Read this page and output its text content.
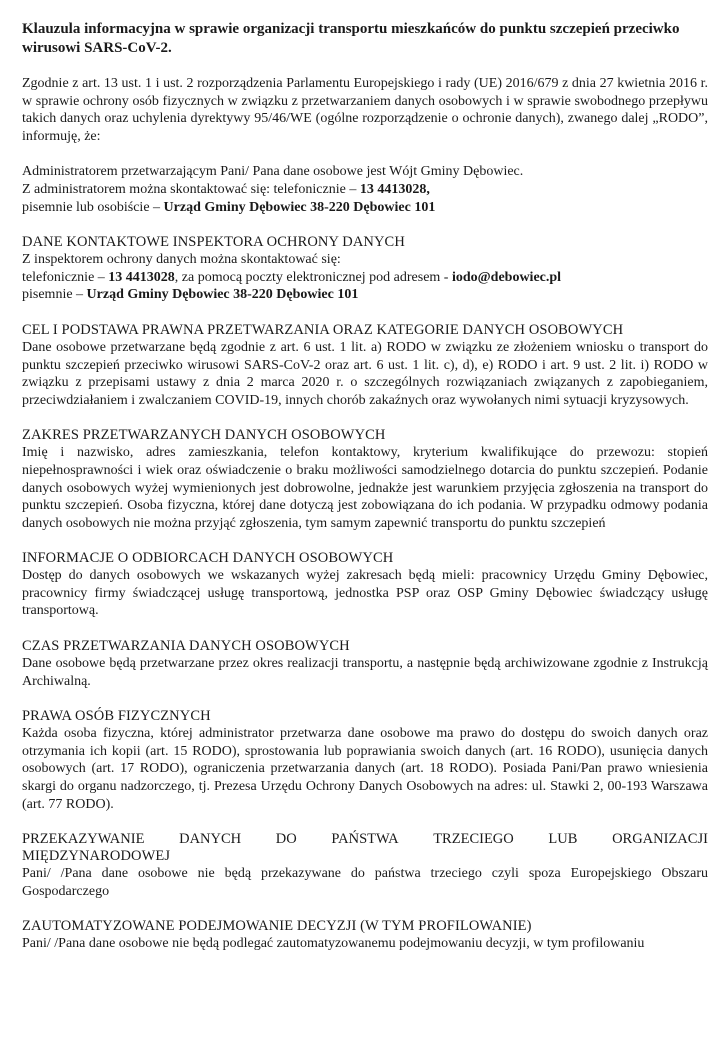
Klauzula informacyjna w sprawie organizacji transportu mieszkańców do punktu szczepień przeciwko wirusowi SARS-CoV-2.
Zgodnie z art. 13 ust. 1 i ust. 2 rozporządzenia Parlamentu Europejskiego i rady (UE) 2016/679 z dnia 27 kwietnia 2016 r. w sprawie ochrony osób fizycznych w związku z przetwarzaniem danych osobowych i w sprawie swobodnego przepływu takich danych oraz uchylenia dyrektywy 95/46/WE (ogólne rozporządzenie o ochronie danych), zwanego dalej „RODO”, informuję, że:
Administratorem przetwarzającym Pani/ Pana dane osobowe jest Wójt Gminy Dębowiec.
Z administratorem można skontaktować się: telefonicznie – 13 4413028,
pisemnie lub osobiście – Urząd Gminy Dębowiec 38-220 Dębowiec 101
DANE KONTAKTOWE INSPEKTORA OCHRONY DANYCH
Z inspektorem ochrony danych można skontaktować się:
telefonicznie – 13 4413028, za pomocą poczty elektronicznej pod adresem - iodo@debowiec.pl
pisemnie – Urząd Gminy Dębowiec 38-220 Dębowiec 101
CEL I PODSTAWA PRAWNA PRZETWARZANIA ORAZ KATEGORIE DANYCH OSOBOWYCH
Dane osobowe przetwarzane będą zgodnie z art. 6 ust. 1 lit. a) RODO w związku ze złożeniem wniosku o transport do punktu szczepień przeciwko wirusowi SARS-CoV-2 oraz art. 6 ust. 1 lit. c), d), e) RODO i art. 9 ust. 2 lit. i) RODO w związku z przepisami ustawy z dnia 2 marca 2020 r. o szczególnych rozwiązaniach związanych z zapobieganiem, przeciwdziałaniem i zwalczaniem COVID-19, innych chorób zakaźnych oraz wywołanych nimi sytuacji kryzysowych.
ZAKRES PRZETWARZANYCH DANYCH OSOBOWYCH
Imię i nazwisko, adres zamieszkania, telefon kontaktowy, kryterium kwalifikujące do przewozu: stopień niepełnosprawności i wiek oraz oświadczenie o braku możliwości samodzielnego dotarcia do punktu szczepień. Podanie danych osobowych wyżej wymienionych jest dobrowolne, jednakże jest warunkiem przyjęcia zgłoszenia na transport do punktu szczepień. Osoba fizyczna, której dane dotyczą jest zobowiązana do ich podania. W przypadku odmowy podania danych osobowych nie można przyjąć zgłoszenia, tym samym zapewnić transportu do punktu szczepień
INFORMACJE O ODBIORCACH DANYCH OSOBOWYCH
Dostęp do danych osobowych we wskazanych wyżej zakresach będą mieli: pracownicy Urzędu Gminy Dębowiec, pracownicy firmy świadczącej usługę transportową, jednostka PSP oraz OSP Gminy Dębowiec świadczący usługę transportową.
CZAS PRZETWARZANIA DANYCH OSOBOWYCH
Dane osobowe będą przetwarzane przez okres realizacji transportu, a następnie będą archiwizowane zgodnie z Instrukcją Archiwalną.
PRAWA OSÓB FIZYCZNYCH
Każda osoba fizyczna, której administrator przetwarza dane osobowe ma prawo do dostępu do swoich danych oraz otrzymania ich kopii (art. 15 RODO), sprostowania lub poprawiania swoich danych (art. 16 RODO), usunięcia danych osobowych (art. 17 RODO), ograniczenia przetwarzania danych (art. 18 RODO). Posiada Pani/Pan prawo wniesienia skargi do organu nadzorczego, tj. Prezesa Urzędu Ochrony Danych Osobowych na adres: ul. Stawki 2, 00-193 Warszawa (art. 77 RODO).
PRZEKAZYWANIE DANYCH DO PAŃSTWA TRZECIEGO LUB ORGANIZACJI
MIĘDZYNARODOWEJ
Pani/ /Pana dane osobowe nie będą przekazywane do państwa trzeciego czyli spoza Europejskiego Obszaru Gospodarczego
ZAUTOMATYZOWANE PODEJMOWANIE DECYZJI (W TYM PROFILOWANIE)
Pani/ /Pana dane osobowe nie będą podlegać zautomatyzowanemu podejmowaniu decyzji, w tym profilowaniu
